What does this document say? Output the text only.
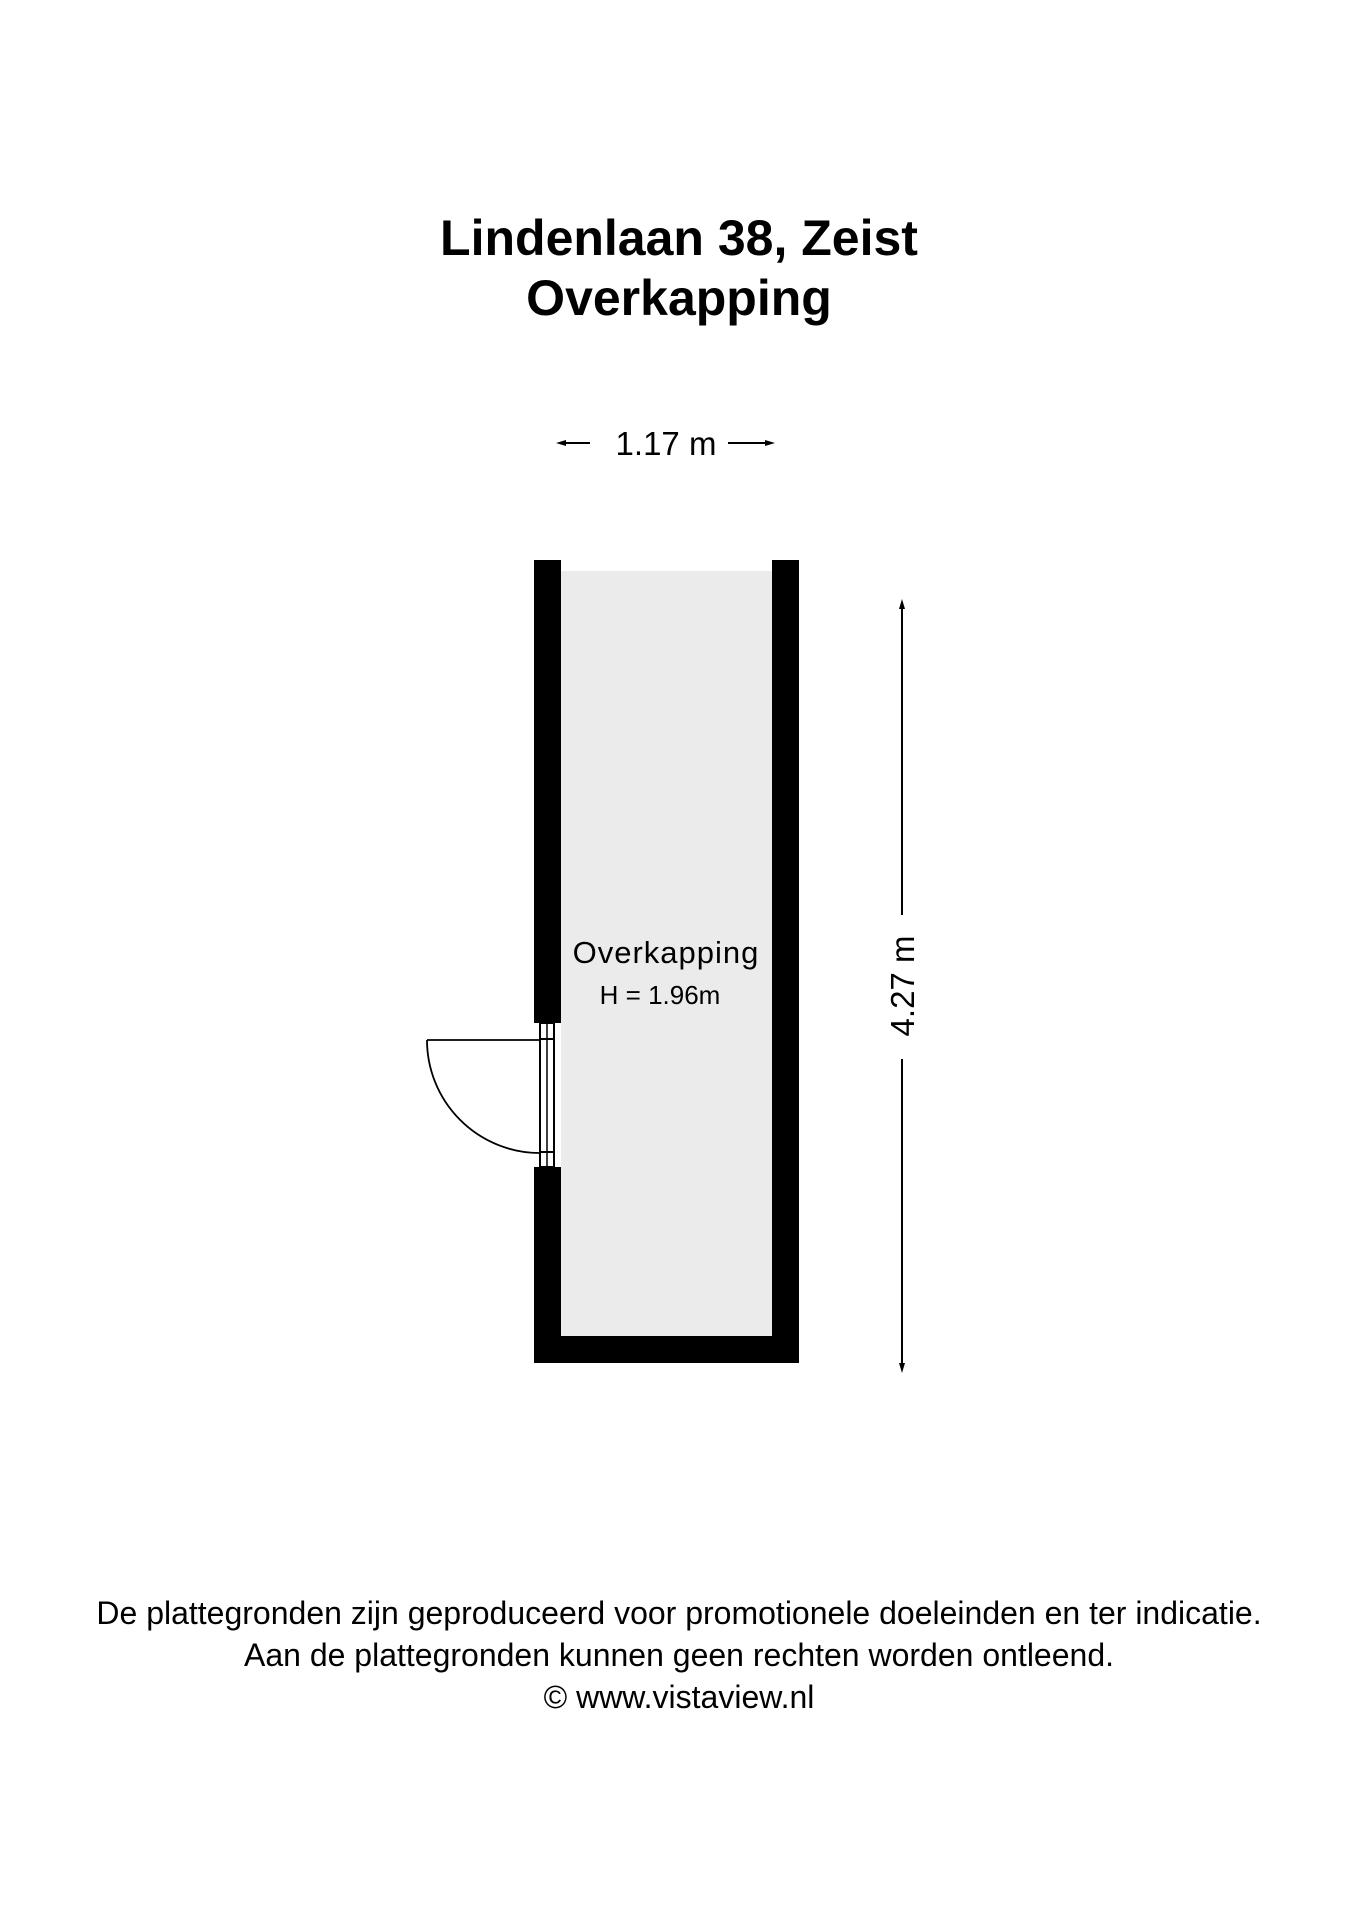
Lindenlaan 38, Zeist
Overkapping
Overkapping
H = 1.96m
1.17 m
4.27 m
De plattegronden zijn geproduceerd voor promotionele doeleinden en ter indicatie.
Aan de plattegronden kunnen geen rechten worden ontleend.
© www.vistaview.nl
